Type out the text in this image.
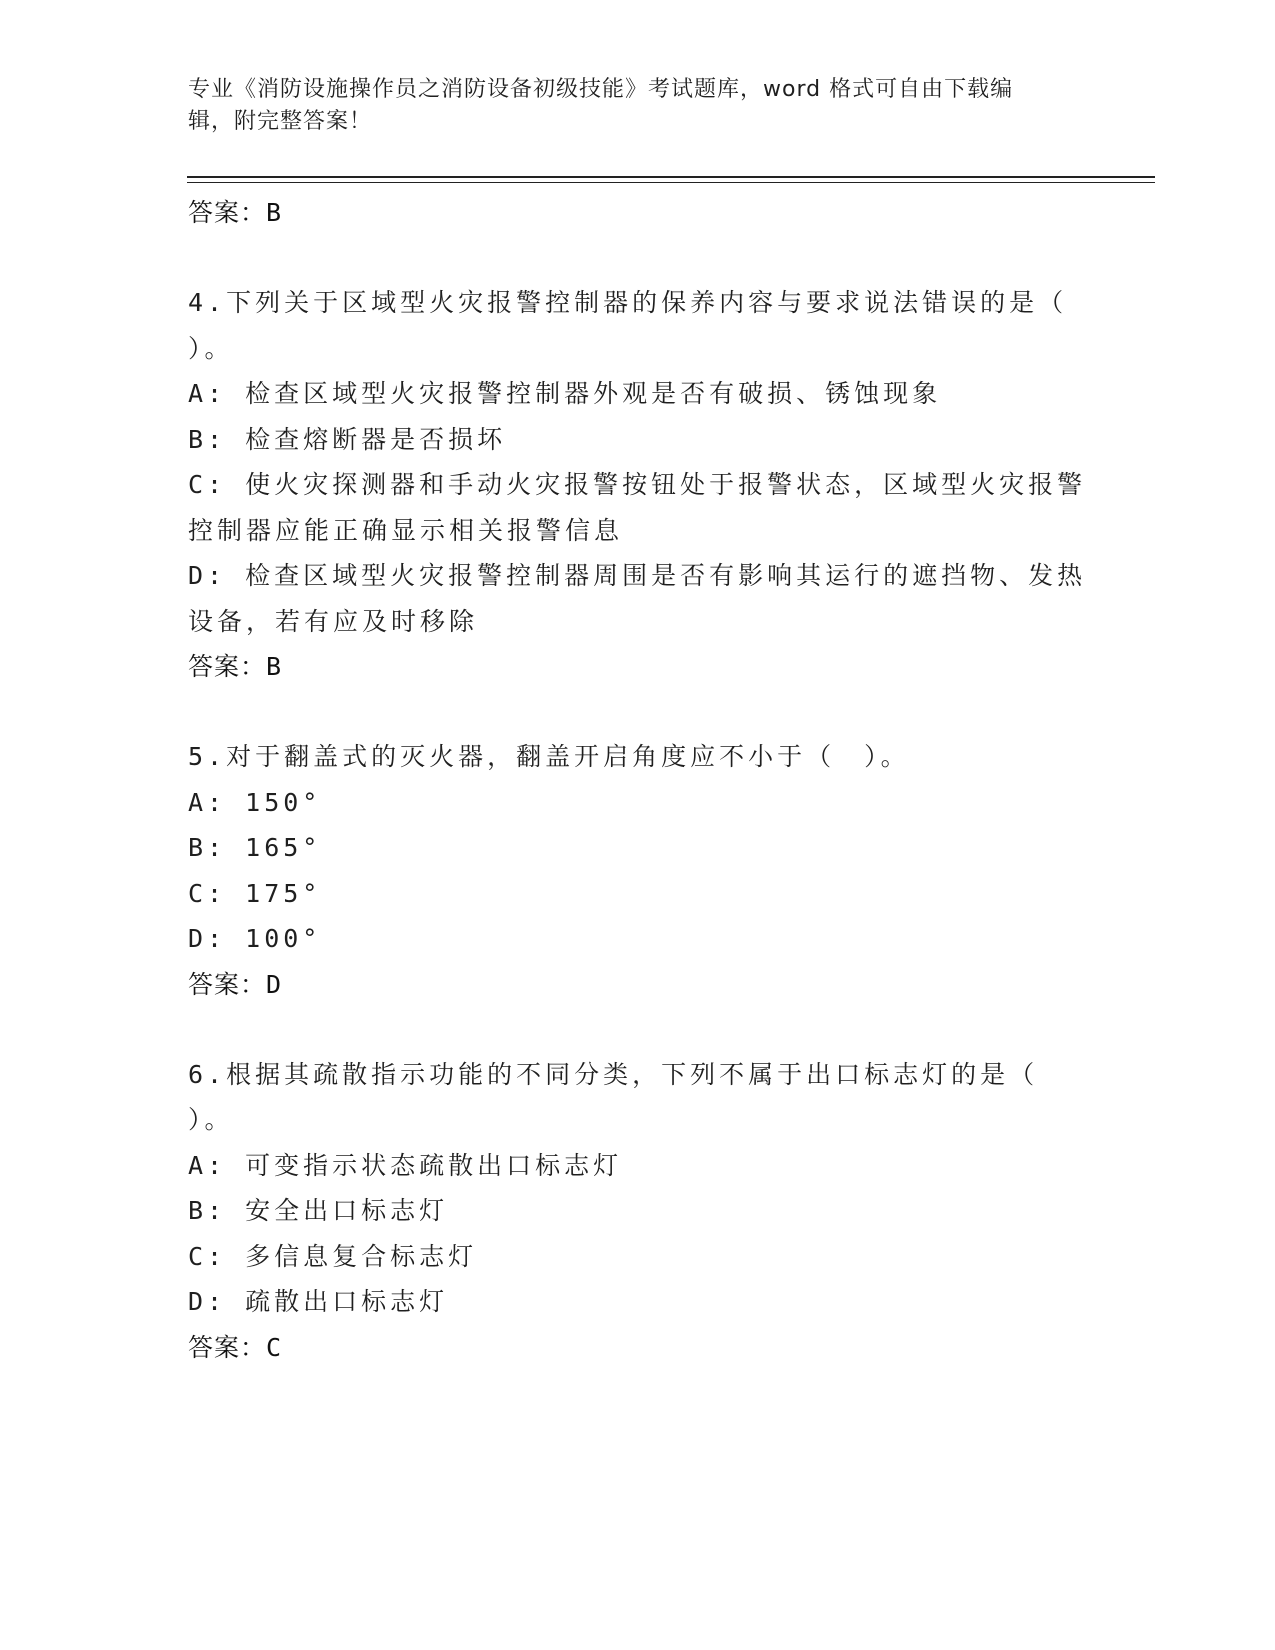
专业《消防设施操作员之消防设备初级技能》考试题库，word 格式可自由下载编
辑，附完整答案！
答案：B
4.下列关于区域型火灾报警控制器的保养内容与要求说法错误的是（
）。
A: 检查区域型火灾报警控制器外观是否有破损、锈蚀现象
B: 检查熔断器是否损坏
C: 使火灾探测器和手动火灾报警按钮处于报警状态，区域型火灾报警
控制器应能正确显示相关报警信息
D: 检查区域型火灾报警控制器周围是否有影响其运行的遮挡物、发热
设备，若有应及时移除
答案：B
5.对于翻盖式的灭火器，翻盖开启角度应不小于（　）。
A: 150°
B: 165°
C: 175°
D: 100°
答案：D
6.根据其疏散指示功能的不同分类，下列不属于出口标志灯的是（
）。
A: 可变指示状态疏散出口标志灯
B: 安全出口标志灯
C: 多信息复合标志灯
D: 疏散出口标志灯
答案：C
